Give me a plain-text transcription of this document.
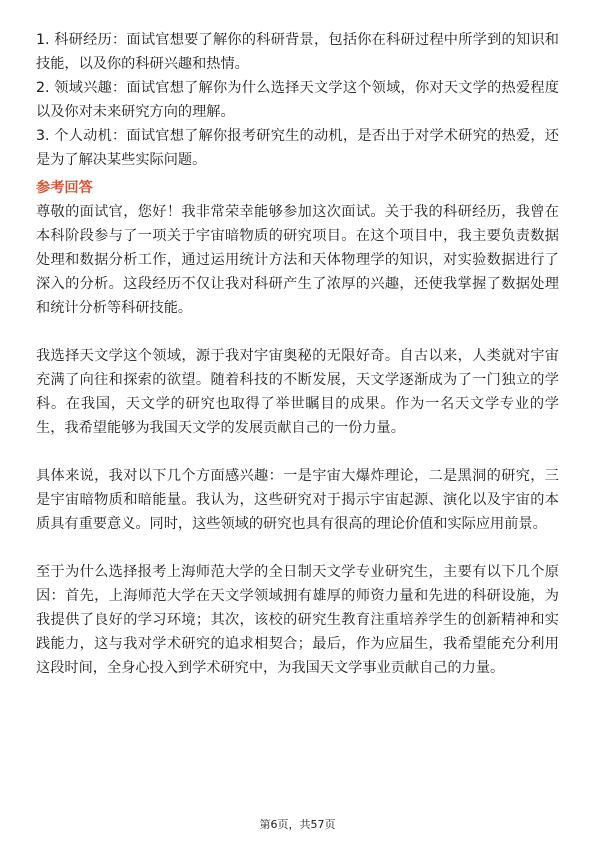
1. 科研经历：面试官想要了解你的科研背景，包括你在科研过程中所学到的知识和技能，以及你的科研兴趣和热情。

2. 领域兴趣：面试官想了解你为什么选择天文学这个领域，你对天文学的热爱程度以及你对未来研究方向的理解。

3. 个人动机：面试官想了解你报考研究生的动机，是否出于对学术研究的热爱，还是为了解决某些实际问题。

参考回答

尊敬的面试官，您好！我非常荣幸能够参加这次面试。关于我的科研经历，我曾在本科阶段参与了一项关于宇宙暗物质的研究项目。在这个项目中，我主要负责数据处理和数据分析工作，通过运用统计方法和天体物理学的知识，对实验数据进行了深入的分析。这段经历不仅让我对科研产生了浓厚的兴趣，还使我掌握了数据处理和统计分析等科研技能。

我选择天文学这个领域，源于我对宇宙奥秘的无限好奇。自古以来，人类就对宇宙充满了向往和探索的欲望。随着科技的不断发展，天文学逐渐成为了一门独立的学科。在我国，天文学的研究也取得了举世瞩目的成果。作为一名天文学专业的学生，我希望能够为我国天文学的发展贡献自己的一份力量。

具体来说，我对以下几个方面感兴趣：一是宇宙大爆炸理论，二是黑洞的研究，三是宇宙暗物质和暗能量。我认为，这些研究对于揭示宇宙起源、演化以及宇宙的本质具有重要意义。同时，这些领域的研究也具有很高的理论价值和实际应用前景。

至于为什么选择报考上海师范大学的全日制天文学专业研究生，主要有以下几个原因：首先，上海师范大学在天文学领域拥有雄厚的师资力量和先进的科研设施，为我提供了良好的学习环境；其次，该校的研究生教育注重培养学生的创新精神和实践能力，这与我对学术研究的追求相契合；最后，作为应届生，我希望能充分利用这段时间，全身心投入到学术研究中，为我国天文学事业贡献自己的力量。

第6页，共57页
